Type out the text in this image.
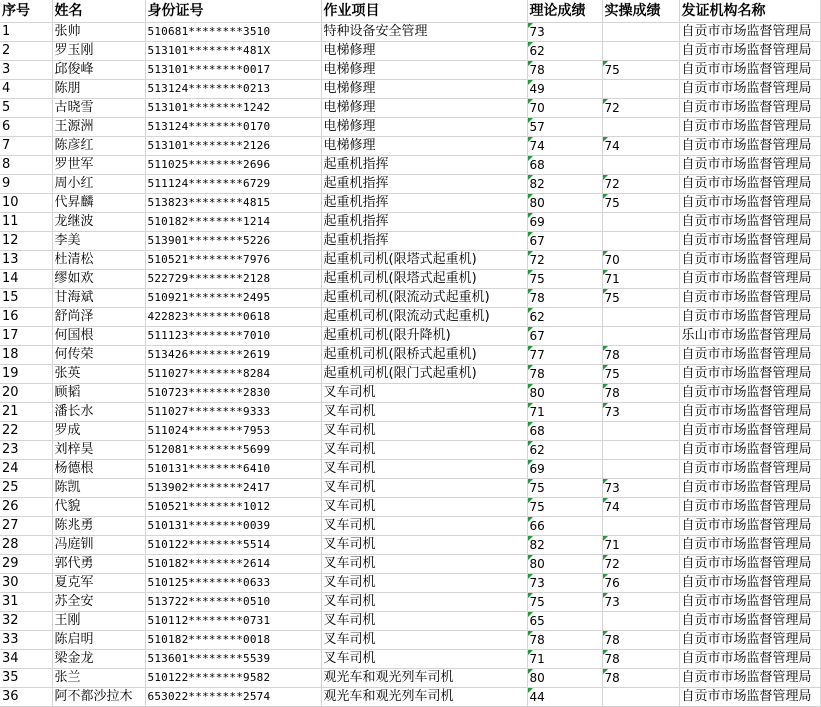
序号	姓名	身份证号	作业项目	理论成绩	实操成绩	发证机构名称
1	张帅	510681********3510	特种设备安全管理	73		自贡市市场监督管理局
2	罗玉刚	513101********481X	电梯修理	62		自贡市市场监督管理局
3	邱俊峰	513101********0017	电梯修理	78	75	自贡市市场监督管理局
4	陈朋	513124********0213	电梯修理	49		自贡市市场监督管理局
5	古晓雪	513101********1242	电梯修理	70	72	自贡市市场监督管理局
6	王源洲	513124********0170	电梯修理	57		自贡市市场监督管理局
7	陈彦红	513101********2126	电梯修理	74	74	自贡市市场监督管理局
8	罗世军	511025********2696	起重机指挥	68		自贡市市场监督管理局
9	周小红	511124********6729	起重机指挥	82	72	自贡市市场监督管理局
10	代昇麟	513823********4815	起重机指挥	80	75	自贡市市场监督管理局
11	龙继波	510182********1214	起重机指挥	69		自贡市市场监督管理局
12	李美	513901********5226	起重机指挥	67		自贡市市场监督管理局
13	杜清松	510521********7976	起重机司机(限塔式起重机)	72	70	自贡市市场监督管理局
14	缪如欢	522729********2128	起重机司机(限塔式起重机)	75	71	自贡市市场监督管理局
15	甘海斌	510921********2495	起重机司机(限流动式起重机)	78	75	自贡市市场监督管理局
16	舒尚泽	422823********0618	起重机司机(限流动式起重机)	62		自贡市市场监督管理局
17	何国根	511123********7010	起重机司机(限升降机)	67		乐山市市场监督管理局
18	何传荣	513426********2619	起重机司机(限桥式起重机)	77	78	自贡市市场监督管理局
19	张英	511027********8284	起重机司机(限门式起重机)	78	75	自贡市市场监督管理局
20	顾韬	510723********2830	叉车司机	80	78	自贡市市场监督管理局
21	潘长水	511027********9333	叉车司机	71	73	自贡市市场监督管理局
22	罗成	511024********7953	叉车司机	68		自贡市市场监督管理局
23	刘梓昊	512081********5699	叉车司机	62		自贡市市场监督管理局
24	杨德根	510131********6410	叉车司机	69		自贡市市场监督管理局
25	陈凯	513902********2417	叉车司机	75	73	自贡市市场监督管理局
26	代貌	510521********1012	叉车司机	75	74	自贡市市场监督管理局
27	陈兆勇	510131********0039	叉车司机	66		自贡市市场监督管理局
28	冯庭钏	510122********5514	叉车司机	82	71	自贡市市场监督管理局
29	郭代勇	510182********2614	叉车司机	80	72	自贡市市场监督管理局
30	夏克军	510125********0633	叉车司机	73	76	自贡市市场监督管理局
31	苏全安	513722********0510	叉车司机	75	73	自贡市市场监督管理局
32	王刚	510112********0731	叉车司机	65		自贡市市场监督管理局
33	陈启明	510182********0018	叉车司机	78	78	自贡市市场监督管理局
34	梁金龙	513601********5539	叉车司机	71	78	自贡市市场监督管理局
35	张兰	510122********9582	观光车和观光列车司机	80	78	自贡市市场监督管理局
36	阿不都沙拉木	653022********2574	观光车和观光列车司机	44		自贡市市场监督管理局
